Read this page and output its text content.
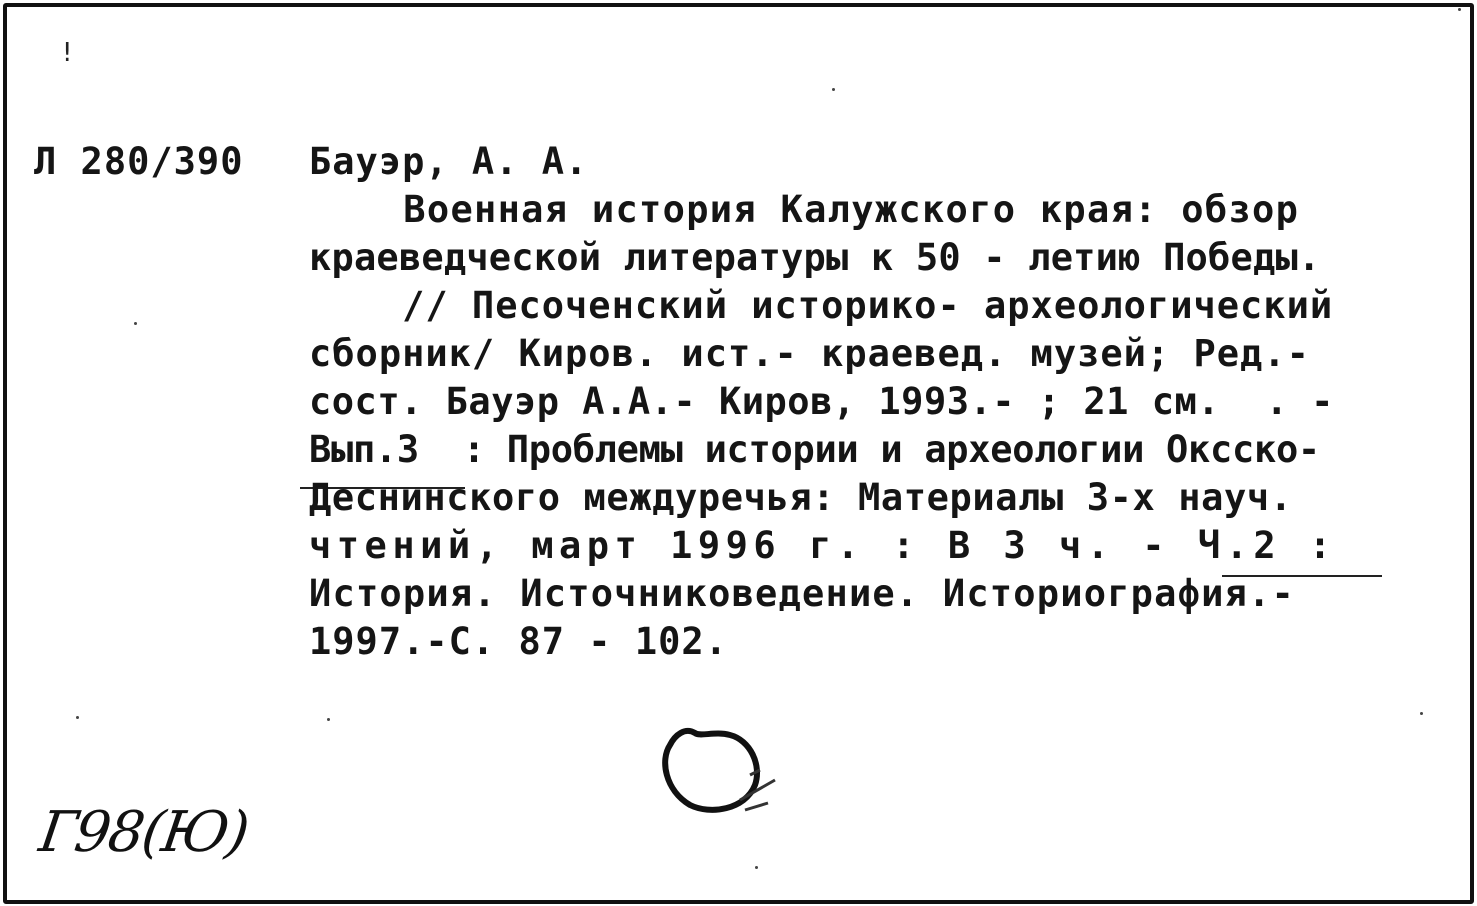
!
Л 280/390 Бауэр, А. А.
Военная история Калужского края: обзор
краеведческой литературы к 50 - летию Победы.
// Песоченский историко- археологический
сборник/ Киров. ист.- краевед. музей; Ред.-
сост. Бауэр А.А.- Киров, 1993.- ; 21 см.  . -
Вып.3  : Проблемы истории и археологии Оксско-
Деснинского междуречья: Материалы 3-х науч.
чтений, март 1996 г. : В 3 ч. - Ч.2 :
История. Источниковедение. Историография.-
1997.-С. 87 - 102.
Г98(Ю)
